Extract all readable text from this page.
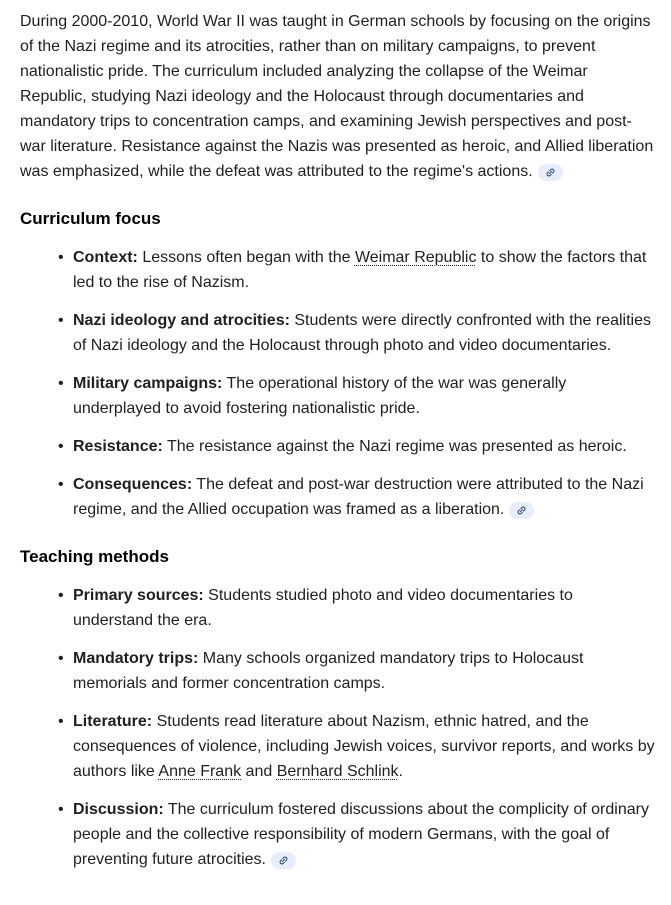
During 2000-2010, World War II was taught in German schools by focusing on the origins of the Nazi regime and its atrocities, rather than on military campaigns, to prevent nationalistic pride. The curriculum included analyzing the collapse of the Weimar Republic, studying Nazi ideology and the Holocaust through documentaries and mandatory trips to concentration camps, and examining Jewish perspectives and post-war literature. Resistance against the Nazis was presented as heroic, and Allied liberation was emphasized, while the defeat was attributed to the regime's actions.

Curriculum focus
• Context: Lessons often began with the Weimar Republic to show the factors that led to the rise of Nazism.
• Nazi ideology and atrocities: Students were directly confronted with the realities of Nazi ideology and the Holocaust through photo and video documentaries.
• Military campaigns: The operational history of the war was generally underplayed to avoid fostering nationalistic pride.
• Resistance: The resistance against the Nazi regime was presented as heroic.
• Consequences: The defeat and post-war destruction were attributed to the Nazi regime, and the Allied occupation was framed as a liberation.
Teaching methods
• Primary sources: Students studied photo and video documentaries to understand the era.
• Mandatory trips: Many schools organized mandatory trips to Holocaust memorials and former concentration camps.
• Literature: Students read literature about Nazism, ethnic hatred, and the consequences of violence, including Jewish voices, survivor reports, and works by authors like Anne Frank and Bernhard Schlink.
• Discussion: The curriculum fostered discussions about the complicity of ordinary people and the collective responsibility of modern Germans, with the goal of preventing future atrocities.
